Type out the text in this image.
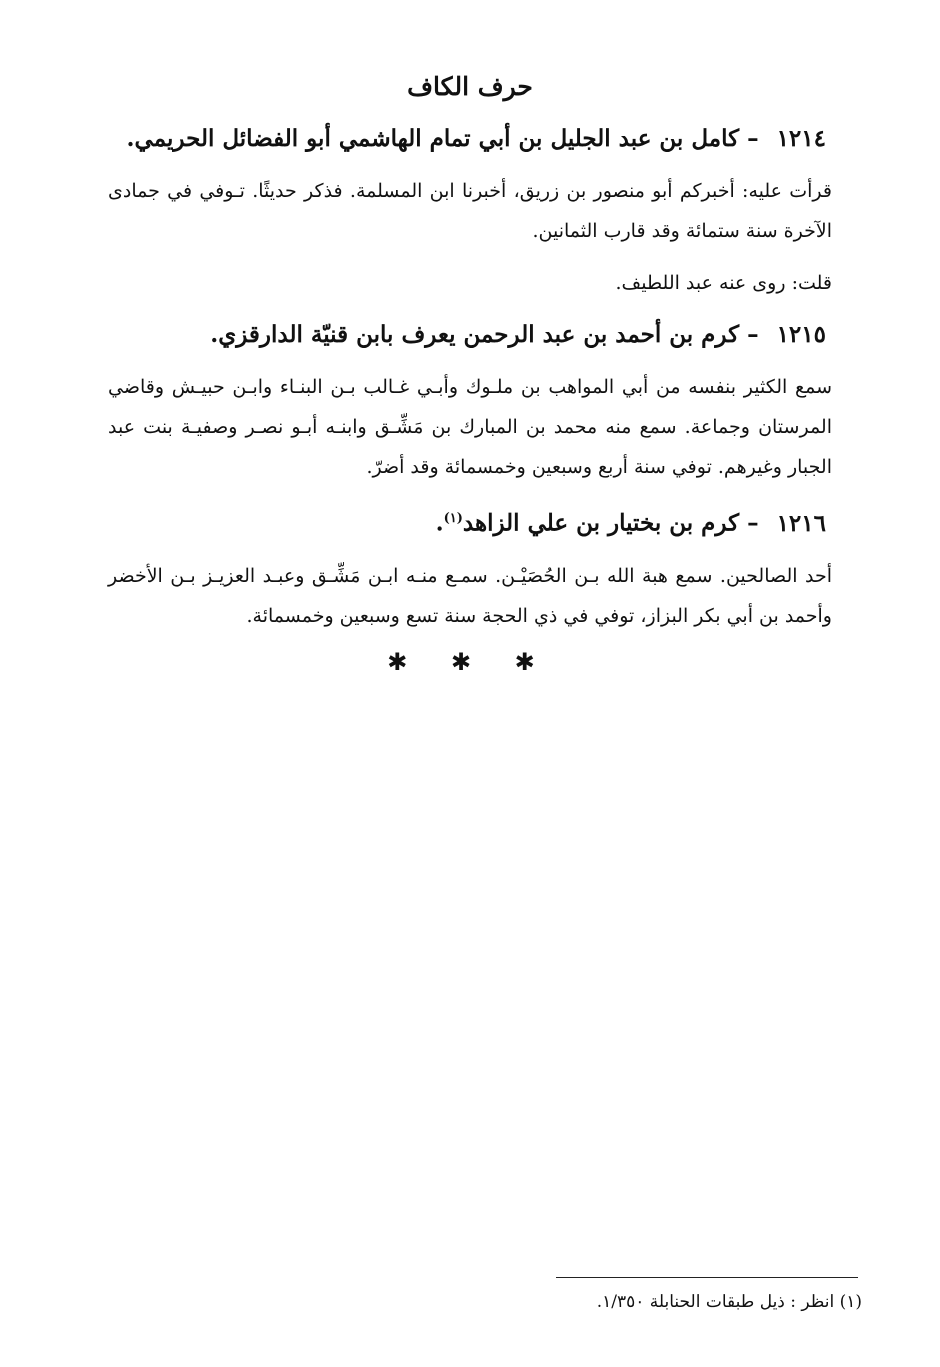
حرف الكاف
١٢١٤ – كامل بن عبد الجليل بن أبي تمام الهاشمي أبو الفضائل الحريمي.

قرأت عليه: أخبركم أبو منصور بن زريق، أخبرنا ابن المسلمة. فذكر حديثًا. تـوفي في جمادى الآخرة سنة ستمائة وقد قارب الثمانين.

قلت: روى عنه عبد اللطيف.

١٢١٥ – كرم بن أحمد بن عبد الرحمن يعرف بابن قنيّة الدارقزي.

سمع الكثير بنفسه من أبي المواهب بن ملـوك وأبـي غـالب بـن البنـاء وابـن حبيـش وقاضي المرستان وجماعة. سمع منه محمد بن المبارك بن مَشِّـق وابنـه أبـو نصـر وصفيـة بنت عبد الجبار وغيرهم. توفي سنة أربع وسبعين وخمسمائة وقد أضرّ.

١٢١٦ – كرم بن بختيار بن علي الزاهد$^{(١)}$.

أحد الصالحين. سمع هبة الله بـن الحُصَيْـن. سمـع منـه ابـن مَشِّـق وعبـد العزيـز بـن الأخضر وأحمد بن أبي بكر البزاز، توفي في ذي الحجة سنة تسع وسبعين وخمسمائة.

✱ ✱ ✱
(١) انظر : ذيل طبقات الحنابلة ١/٣٥٠.
